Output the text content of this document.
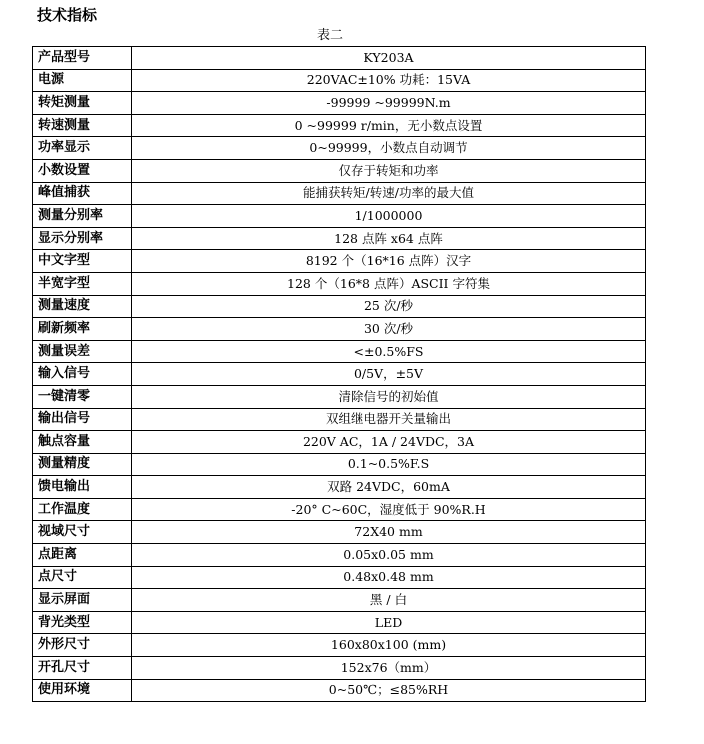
技术指标
表二
产品型号	KY203A
电源	220VAC±10% 功耗：15VA
转矩测量	-99999 ~99999N.m
转速测量	0 ~99999 r/min，无小数点设置
功率显示	0~99999，小数点自动调节
小数设置	仅存于转矩和功率
峰值捕获	能捕获转矩/转速/功率的最大值
测量分别率	1/1000000
显示分别率	128 点阵 x64 点阵
中文字型	8192 个（16*16 点阵）汉字
半宽字型	128 个（16*8 点阵）ASCII 字符集
测量速度	25 次/秒
刷新频率	30 次/秒
测量误差	<±0.5%FS
输入信号	0/5V，±5V
一键清零	清除信号的初始值
输出信号	双组继电器开关量输出
触点容量	220V AC，1A / 24VDC，3A
测量精度	0.1~0.5%F.S
馈电输出	双路 24VDC，60mA
工作温度	-20° C~60C，湿度低于 90%R.H
视域尺寸	72X40 mm
点距离	0.05x0.05 mm
点尺寸	0.48x0.48 mm
显示屏面	黑 / 白
背光类型	LED
外形尺寸	160x80x100 (mm)
开孔尺寸	152x76（mm）
使用环境	0~50℃；≤85%RH
